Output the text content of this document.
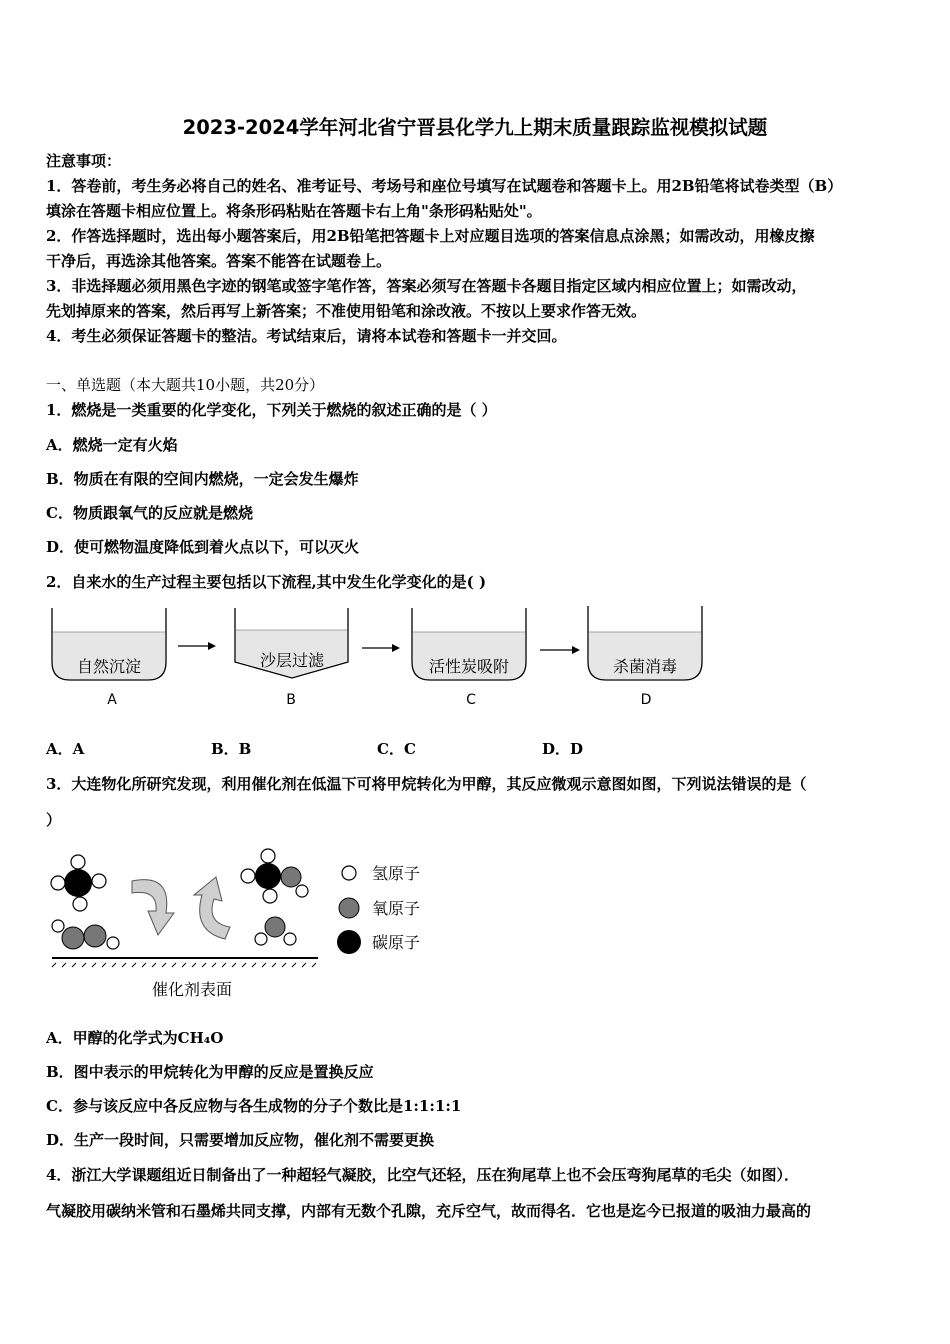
2023-2024学年河北省宁晋县化学九上期末质量跟踪监视模拟试题
注意事项：
1．答卷前，考生务必将自己的姓名、准考证号、考场号和座位号填写在试题卷和答题卡上。用2B铅笔将试卷类型（B）
填涂在答题卡相应位置上。将条形码粘贴在答题卡右上角"条形码粘贴处"。
2．作答选择题时，选出每小题答案后，用2B铅笔把答题卡上对应题目选项的答案信息点涂黑；如需改动，用橡皮擦
干净后，再选涂其他答案。答案不能答在试题卷上。
3．非选择题必须用黑色字迹的钢笔或签字笔作答，答案必须写在答题卡各题目指定区域内相应位置上；如需改动，
先划掉原来的答案，然后再写上新答案；不准使用铅笔和涂改液。不按以上要求作答无效。
4．考生必须保证答题卡的整洁。考试结束后，请将本试卷和答题卡一并交回。
一、单选题（本大题共10小题，共20分）
1．燃烧是一类重要的化学变化，下列关于燃烧的叙述正确的是（ ）
A．燃烧一定有火焰
B．物质在有限的空间内燃烧，一定会发生爆炸
C．物质跟氧气的反应就是燃烧
D．使可燃物温度降低到着火点以下，可以灭火
2．自来水的生产过程主要包括以下流程,其中发生化学变化的是( )
自然沉淀
A
沙层过滤
B
活性炭吸附
C
杀菌消毒
D
A．A	B．B	C．C	D．D
3．大连物化所研究发现，利用催化剂在低温下可将甲烷转化为甲醇，其反应微观示意图如图，下列说法错误的是（
）
催化剂表面
氢原子
氧原子
碳原子
A．甲醇的化学式为CH₄O
B．图中表示的甲烷转化为甲醇的反应是置换反应
C．参与该反应中各反应物与各生成物的分子个数比是1:1:1:1
D．生产一段时间，只需要增加反应物，催化剂不需要更换
4．浙江大学课题组近日制备出了一种超轻气凝胶，比空气还轻，压在狗尾草上也不会压弯狗尾草的毛尖（如图）．
气凝胶用碳纳米管和石墨烯共同支撑，内部有无数个孔隙，充斥空气，故而得名．它也是迄今已报道的吸油力最高的
